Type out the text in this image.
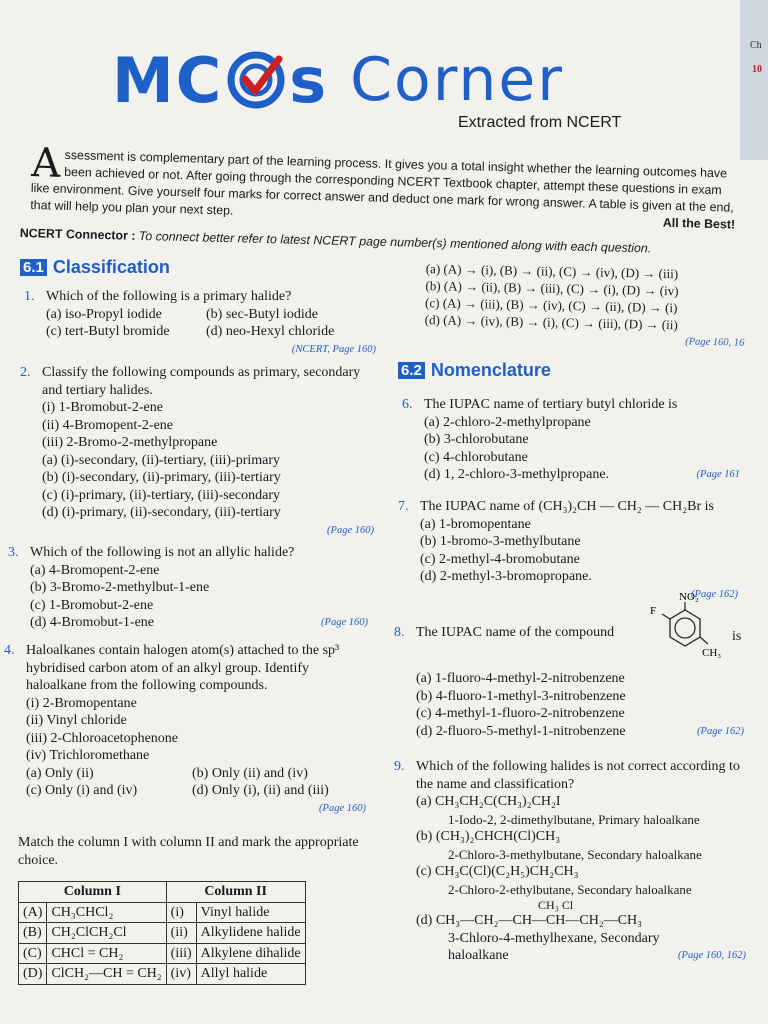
Ch
10
MC s Corner
Extracted from NCERT
A ssessment is complementary part of the learning process. It gives you a total insight whether the learning outcomes have been achieved or not. After going through the corresponding NCERT Textbook chapter, attempt these questions in exam like environment. Give yourself four marks for correct answer and deduct one mark for wrong answer. A table is given at the end, that will help you plan your next step.
All the Best!
NCERT Connector : To connect better refer to latest NCERT page number(s) mentioned along with each question.
6.1 Classification
1. Which of the following is a primary halide?
(a) iso-Propyl iodide	(b) sec-Butyl iodide
(c) tert-Butyl bromide	(d) neo-Hexyl chloride
(NCERT, Page 160)
2. Classify the following compounds as primary, secondary and tertiary halides.
(i) 1-Bromobut-2-ene
(ii) 4-Bromopent-2-ene
(iii) 2-Bromo-2-methylpropane
(a) (i)-secondary, (ii)-tertiary, (iii)-primary
(b) (i)-secondary, (ii)-primary, (iii)-tertiary
(c) (i)-primary, (ii)-tertiary, (iii)-secondary
(d) (i)-primary, (ii)-secondary, (iii)-tertiary
(Page 160)
3. Which of the following is not an allylic halide?
(a) 4-Bromopent-2-ene
(b) 3-Bromo-2-methylbut-1-ene
(c) 1-Bromobut-2-ene
(d) 4-Bromobut-1-ene	(Page 160)
4. Haloalkanes contain halogen atom(s) attached to the sp³ hybridised carbon atom of an alkyl group. Identify haloalkane from the following compounds.
(i) 2-Bromopentane
(ii) Vinyl chloride
(iii) 2-Chloroacetophenone
(iv) Trichloromethane
(a) Only (ii)	(b) Only (ii) and (iv)
(c) Only (i) and (iv)	(d) Only (i), (ii) and (iii)
(Page 160)
Match the column I with column II and mark the appropriate choice.
Column I		Column II	
(A)	CH₃CHCl₂	(i)	Vinyl halide
(B)	CH₂ClCH₂Cl	(ii)	Alkylidene halide
(C)	CHCl = CH₂	(iii)	Alkylene dihalide
(D)	ClCH₂—CH = CH₂	(iv)	Allyl halide
(a) (A) → (i), (B) → (ii), (C) → (iv), (D) → (iii)
(b) (A) → (ii), (B) → (iii), (C) → (i), (D) → (iv)
(c) (A) → (iii), (B) → (iv), (C) → (ii), (D) → (i)
(d) (A) → (iv), (B) → (i), (C) → (iii), (D) → (ii)
(Page 160, 16
6.2 Nomenclature
6. The IUPAC name of tertiary butyl chloride is
(a) 2-chloro-2-methylpropane
(b) 3-chlorobutane
(c) 4-chlorobutane
(d) 1, 2-chloro-3-methylpropane.	(Page 161
7. The IUPAC name of (CH₃)₂CH — CH₂ — CH₂Br is
(a) 1-bromopentane
(b) 1-bromo-3-methylbutane
(c) 2-methyl-4-bromobutane
(d) 2-methyl-3-bromopropane.
(Page 162)
8. The IUPAC name of the compound
NO₂
F
CH₃
is
(a) 1-fluoro-4-methyl-2-nitrobenzene
(b) 4-fluoro-1-methyl-3-nitrobenzene
(c) 4-methyl-1-fluoro-2-nitrobenzene
(d) 2-fluoro-5-methyl-1-nitrobenzene	(Page 162)
9. Which of the following halides is not correct according to the name and classification?
(a) CH₃CH₂C(CH₃)₂CH₂I
1-Iodo-2, 2-dimethylbutane, Primary haloalkane
(b) (CH₃)₂CHCH(Cl)CH₃
2-Chloro-3-methylbutane, Secondary haloalkane
(c) CH₃C(Cl)(C₂H₅)CH₂CH₃
2-Chloro-2-ethylbutane, Secondary haloalkane
CH₃ Cl
(d) CH₃—CH₂—CH—CH—CH₂—CH₃
3-Chloro-4-methylhexane, Secondary
haloalkane	(Page 160, 162)
